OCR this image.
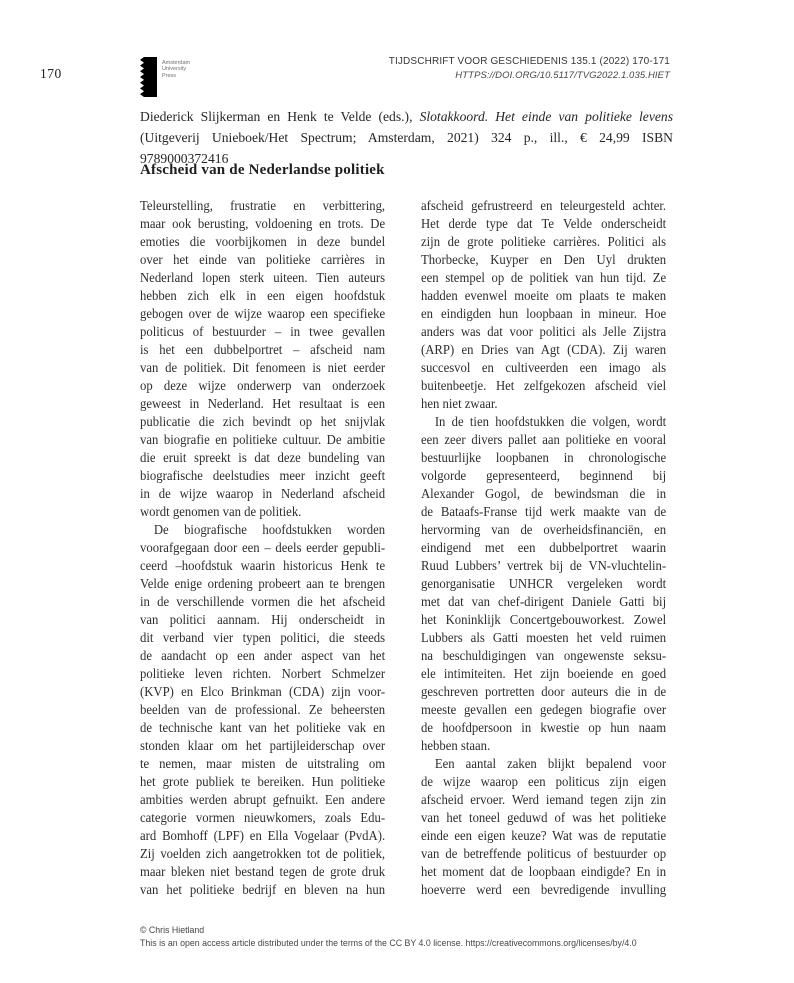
170
Amsterdam
University
Press
TIJDSCHRIFT VOOR GESCHIEDENIS 135.1 (2022) 170-171
HTTPS://DOI.ORG/10.5117/TVG2022.1.035.HIET
Diederick Slijkerman en Henk te Velde (eds.), Slotakkoord. Het einde van politieke levens (Uitgeverij Unieboek/Het Spectrum; Amsterdam, 2021) 324 p., ill., € 24,99 ISBN 9789000372416
Afscheid van de Nederlandse politiek
Teleurstelling, frustratie en verbittering,
maar ook berusting, voldoening en trots. De
emoties die voorbijkomen in deze bundel
over het einde van politieke carrières in
Nederland lopen sterk uiteen. Tien auteurs
hebben zich elk in een eigen hoofdstuk
gebogen over de wijze waarop een specifieke
politicus of bestuurder – in twee gevallen
is het een dubbelportret – afscheid nam
van de politiek. Dit fenomeen is niet eerder
op deze wijze onderwerp van onderzoek
geweest in Nederland. Het resultaat is een
publicatie die zich bevindt op het snijvlak
van biografie en politieke cultuur. De ambitie
die eruit spreekt is dat deze bundeling van
biografische deelstudies meer inzicht geeft
in de wijze waarop in Nederland afscheid
wordt genomen van de politiek.
De biografische hoofdstukken worden
voorafgegaan door een – deels eerder gepubli-
ceerd –hoofdstuk waarin historicus Henk te
Velde enige ordening probeert aan te brengen
in de verschillende vormen die het afscheid
van politici aannam. Hij onderscheidt in
dit verband vier typen politici, die steeds
de aandacht op een ander aspect van het
politieke leven richten. Norbert Schmelzer
(KVP) en Elco Brinkman (CDA) zijn voor-
beelden van de professional. Ze beheersten
de technische kant van het politieke vak en
stonden klaar om het partijleiderschap over
te nemen, maar misten de uitstraling om
het grote publiek te bereiken. Hun politieke
ambities werden abrupt gefnuikt. Een andere
categorie vormen nieuwkomers, zoals Edu-
ard Bomhoff (LPF) en Ella Vogelaar (PvdA).
Zij voelden zich aangetrokken tot de politiek,
maar bleken niet bestand tegen de grote druk
van het politieke bedrijf en bleven na hun
afscheid gefrustreerd en teleurgesteld achter.
Het derde type dat Te Velde onderscheidt
zijn de grote politieke carrières. Politici als
Thorbecke, Kuyper en Den Uyl drukten
een stempel op de politiek van hun tijd. Ze
hadden evenwel moeite om plaats te maken
en eindigden hun loopbaan in mineur. Hoe
anders was dat voor politici als Jelle Zijstra
(ARP) en Dries van Agt (CDA). Zij waren
succesvol en cultiveerden een imago als
buitenbeetje. Het zelfgekozen afscheid viel
hen niet zwaar.
In de tien hoofdstukken die volgen, wordt
een zeer divers pallet aan politieke en vooral
bestuurlijke loopbanen in chronologische
volgorde gepresenteerd, beginnend bij
Alexander Gogol, de bewindsman die in
de Bataafs-Franse tijd werk maakte van de
hervorming van de overheidsfinanciën, en
eindigend met een dubbelportret waarin
Ruud Lubbers’ vertrek bij de VN-vluchtelin-
genorganisatie UNHCR vergeleken wordt
met dat van chef-dirigent Daniele Gatti bij
het Koninklijk Concertgebouworkest. Zowel
Lubbers als Gatti moesten het veld ruimen
na beschuldigingen van ongewenste seksu-
ele intimiteiten. Het zijn boeiende en goed
geschreven portretten door auteurs die in de
meeste gevallen een gedegen biografie over
de hoofdpersoon in kwestie op hun naam
hebben staan.
Een aantal zaken blijkt bepalend voor
de wijze waarop een politicus zijn eigen
afscheid ervoer. Werd iemand tegen zijn zin
van het toneel geduwd of was het politieke
einde een eigen keuze? Wat was de reputatie
van de betreffende politicus of bestuurder op
het moment dat de loopbaan eindigde? En in
hoeverre werd een bevredigende invulling
© Chris Hietland
This is an open access article distributed under the terms of the CC BY 4.0 license. https://creativecommons.org/licenses/by/4.0
